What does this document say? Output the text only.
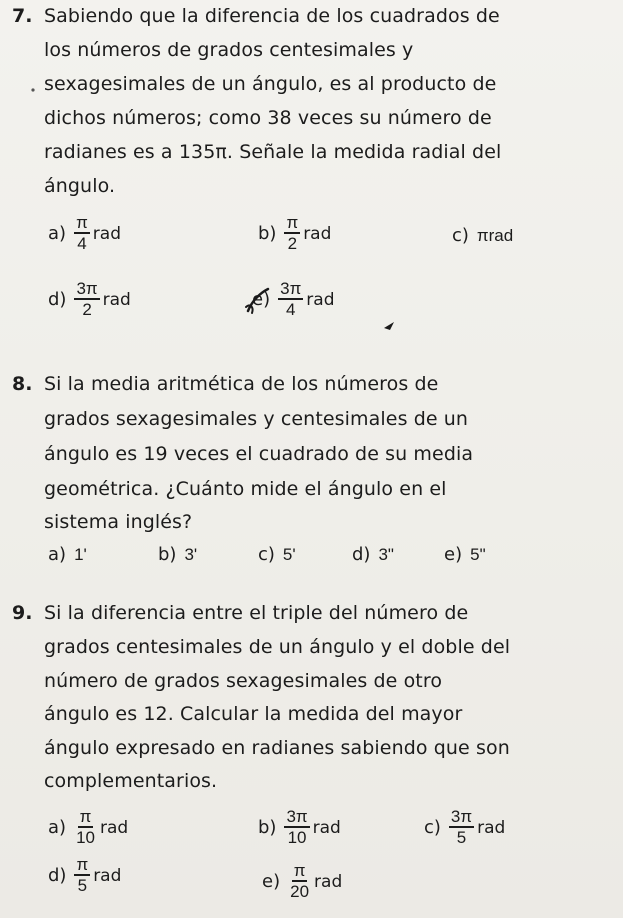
7. Sabiendo que la diferencia de los cuadrados de
los números de grados centesimales y
sexagesimales de un ángulo, es al producto de
dichos números; como 38 veces su número de
radianes es a 135π. Señale la medida radial del
ángulo.
$a) \frac{\pi}{4}$ rad	$b) \frac{\pi}{2}$ rad	c) πrad
$d) \frac{3\pi}{2}$ rad	$e) \frac{3\pi}{4}$ rad
8. Si la media aritmética de los números de
grados sexagesimales y centesimales de un
ángulo es 19 veces el cuadrado de su media
geométrica. ¿Cuánto mide el ángulo en el
sistema inglés?
a) 1'	b) 3'	c) 5'	d) 3"	e) 5"
9. Si la diferencia entre el triple del número de
grados centesimales de un ángulo y el doble del
número de grados sexagesimales de otro
ángulo es 12. Calcular la medida del mayor
ángulo expresado en radianes sabiendo que son
complementarios.
$a) \frac{\pi}{10}$ rad	$b) \frac{3\pi}{10}$ rad	$c) \frac{3\pi}{5}$ rad
$d) \frac{\pi}{5}$ rad	$e) \frac{\pi}{20}$ rad
